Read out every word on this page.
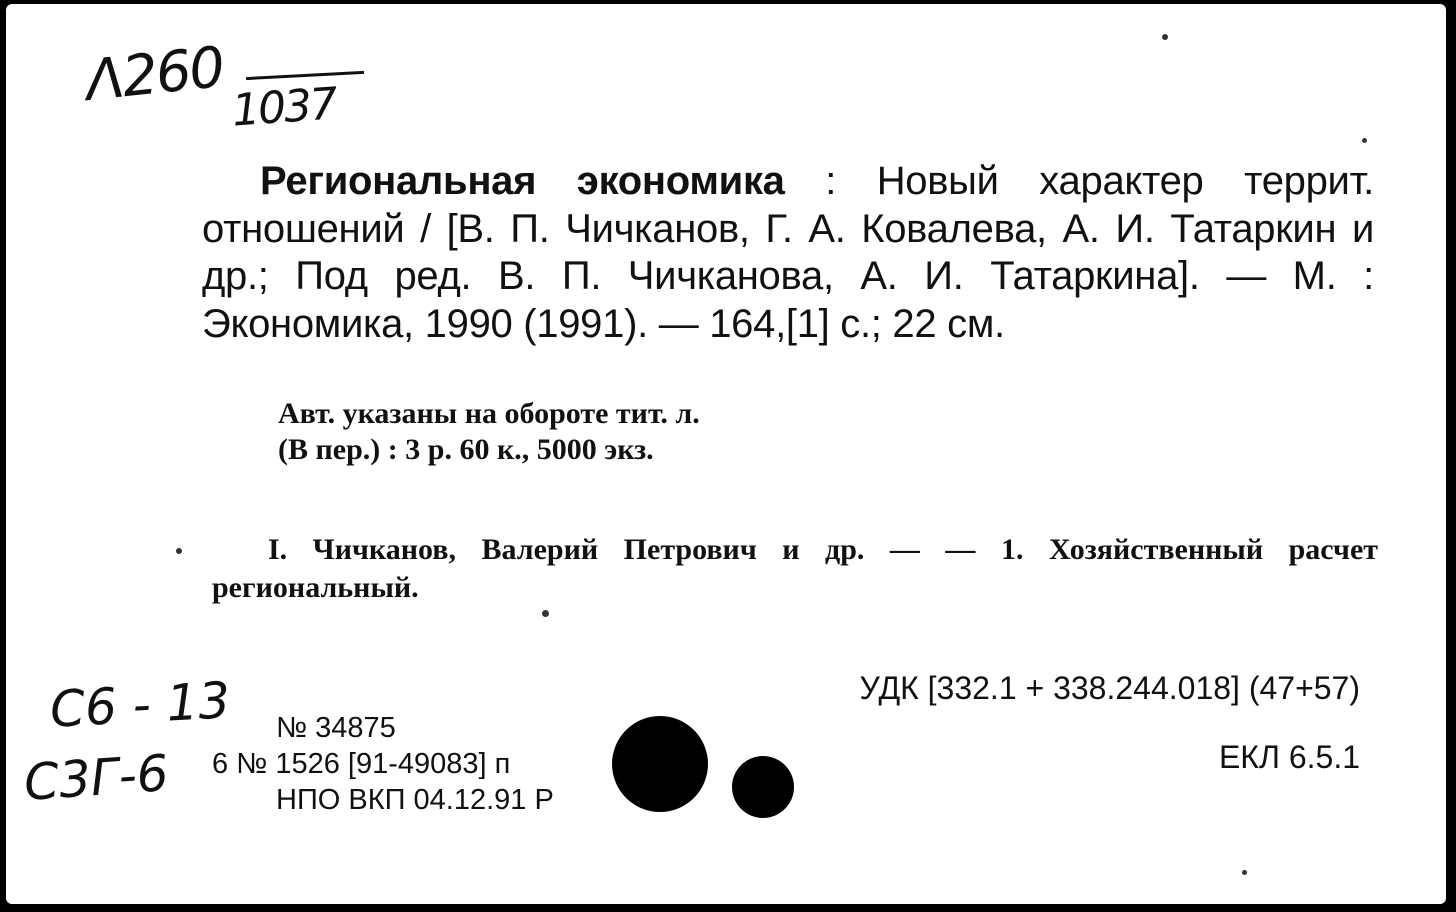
Λ260 1037
Региональная экономика : Новый характер террит. отношений / [В. П. Чичканов, Г. А. Ковалева, А. И. Татаркин и др.; Под ред. В. П. Чичканова, А. И. Татаркина]. — М. : Экономика, 1990 (1991). — 164,[1] с.; 22 см.
Авт. указаны на обороте тит. л.
(В пер.) : 3 р. 60 к., 5000 экз.
I. Чичканов, Валерий Петрович и др. — — 1. Хозяйственный расчет региональный.
УДК [332.1 + 338.244.018] (47+57)
ЕКЛ 6.5.1
С6 - 13
С3Г-6
№ 34875
6 № 1526 [91-49083] п
НПО ВКП 04.12.91 Р
